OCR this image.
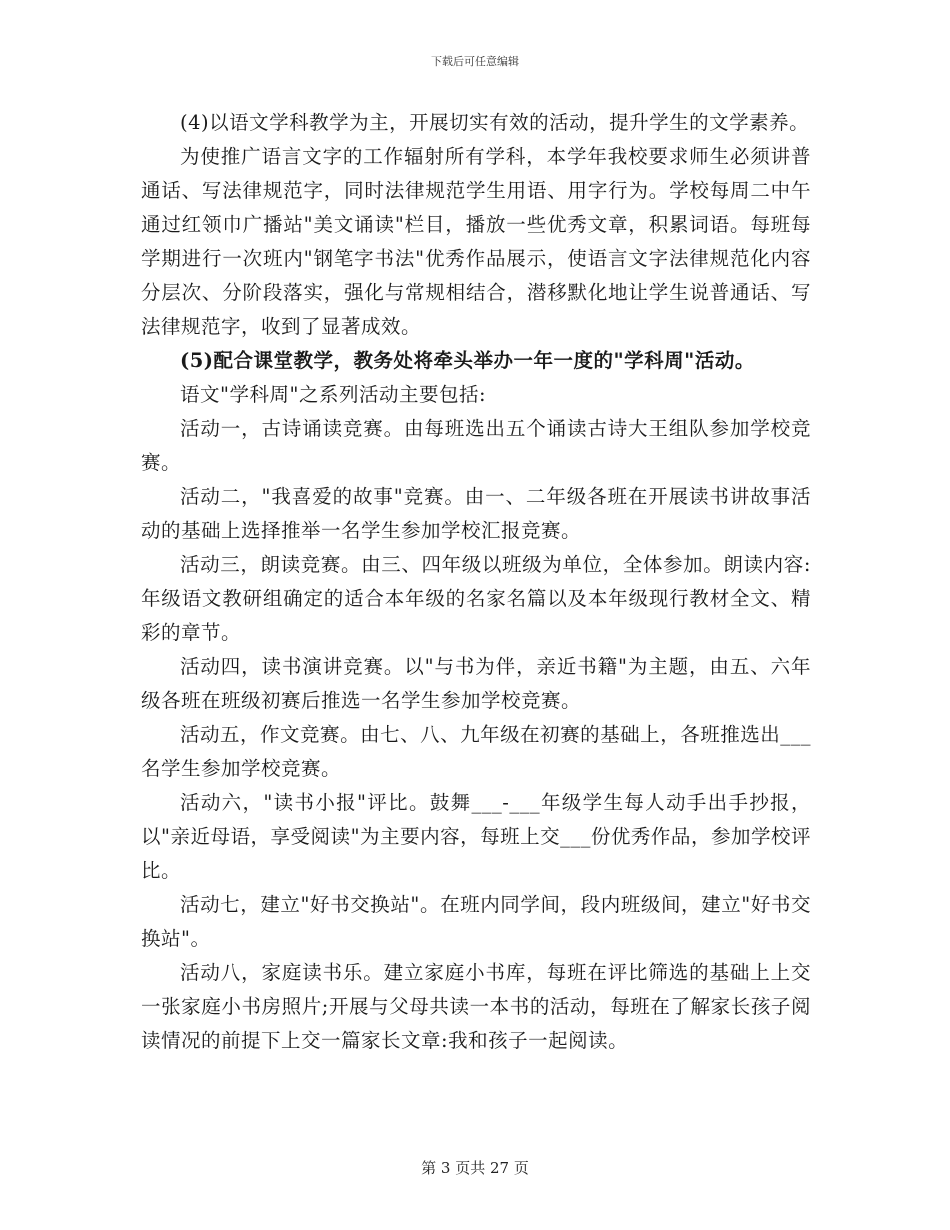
下载后可任意编辑

(4)以语文学科教学为主，开展切实有效的活动，提升学生的文学素养。

为使推广语言文字的工作辐射所有学科，本学年我校要求师生必须讲普通话、写法律规范字，同时法律规范学生用语、用字行为。学校每周二中午通过红领巾广播站"美文诵读"栏目，播放一些优秀文章，积累词语。每班每学期进行一次班内"钢笔字书法"优秀作品展示，使语言文字法律规范化内容分层次、分阶段落实，强化与常规相结合，潜移默化地让学生说普通话、写法律规范字，收到了显著成效。

(5)配合课堂教学，教务处将牵头举办一年一度的"学科周"活动。

语文"学科周"之系列活动主要包括:

活动一，古诗诵读竞赛。由每班选出五个诵读古诗大王组队参加学校竞赛。

活动二，"我喜爱的故事"竞赛。由一、二年级各班在开展读书讲故事活动的基础上选择推举一名学生参加学校汇报竞赛。

活动三，朗读竞赛。由三、四年级以班级为单位，全体参加。朗读内容:年级语文教研组确定的适合本年级的名家名篇以及本年级现行教材全文、精彩的章节。

活动四，读书演讲竞赛。以"与书为伴，亲近书籍"为主题，由五、六年级各班在班级初赛后推选一名学生参加学校竞赛。

活动五，作文竞赛。由七、八、九年级在初赛的基础上，各班推选出___名学生参加学校竞赛。

活动六，"读书小报"评比。鼓舞___-___年级学生每人动手出手抄报，以"亲近母语，享受阅读"为主要内容，每班上交___份优秀作品，参加学校评比。

活动七，建立"好书交换站"。在班内同学间，段内班级间，建立"好书交换站"。

活动八，家庭读书乐。建立家庭小书库，每班在评比筛选的基础上上交一张家庭小书房照片;开展与父母共读一本书的活动，每班在了解家长孩子阅读情况的前提下上交一篇家长文章:我和孩子一起阅读。

第 3 页共 27 页
